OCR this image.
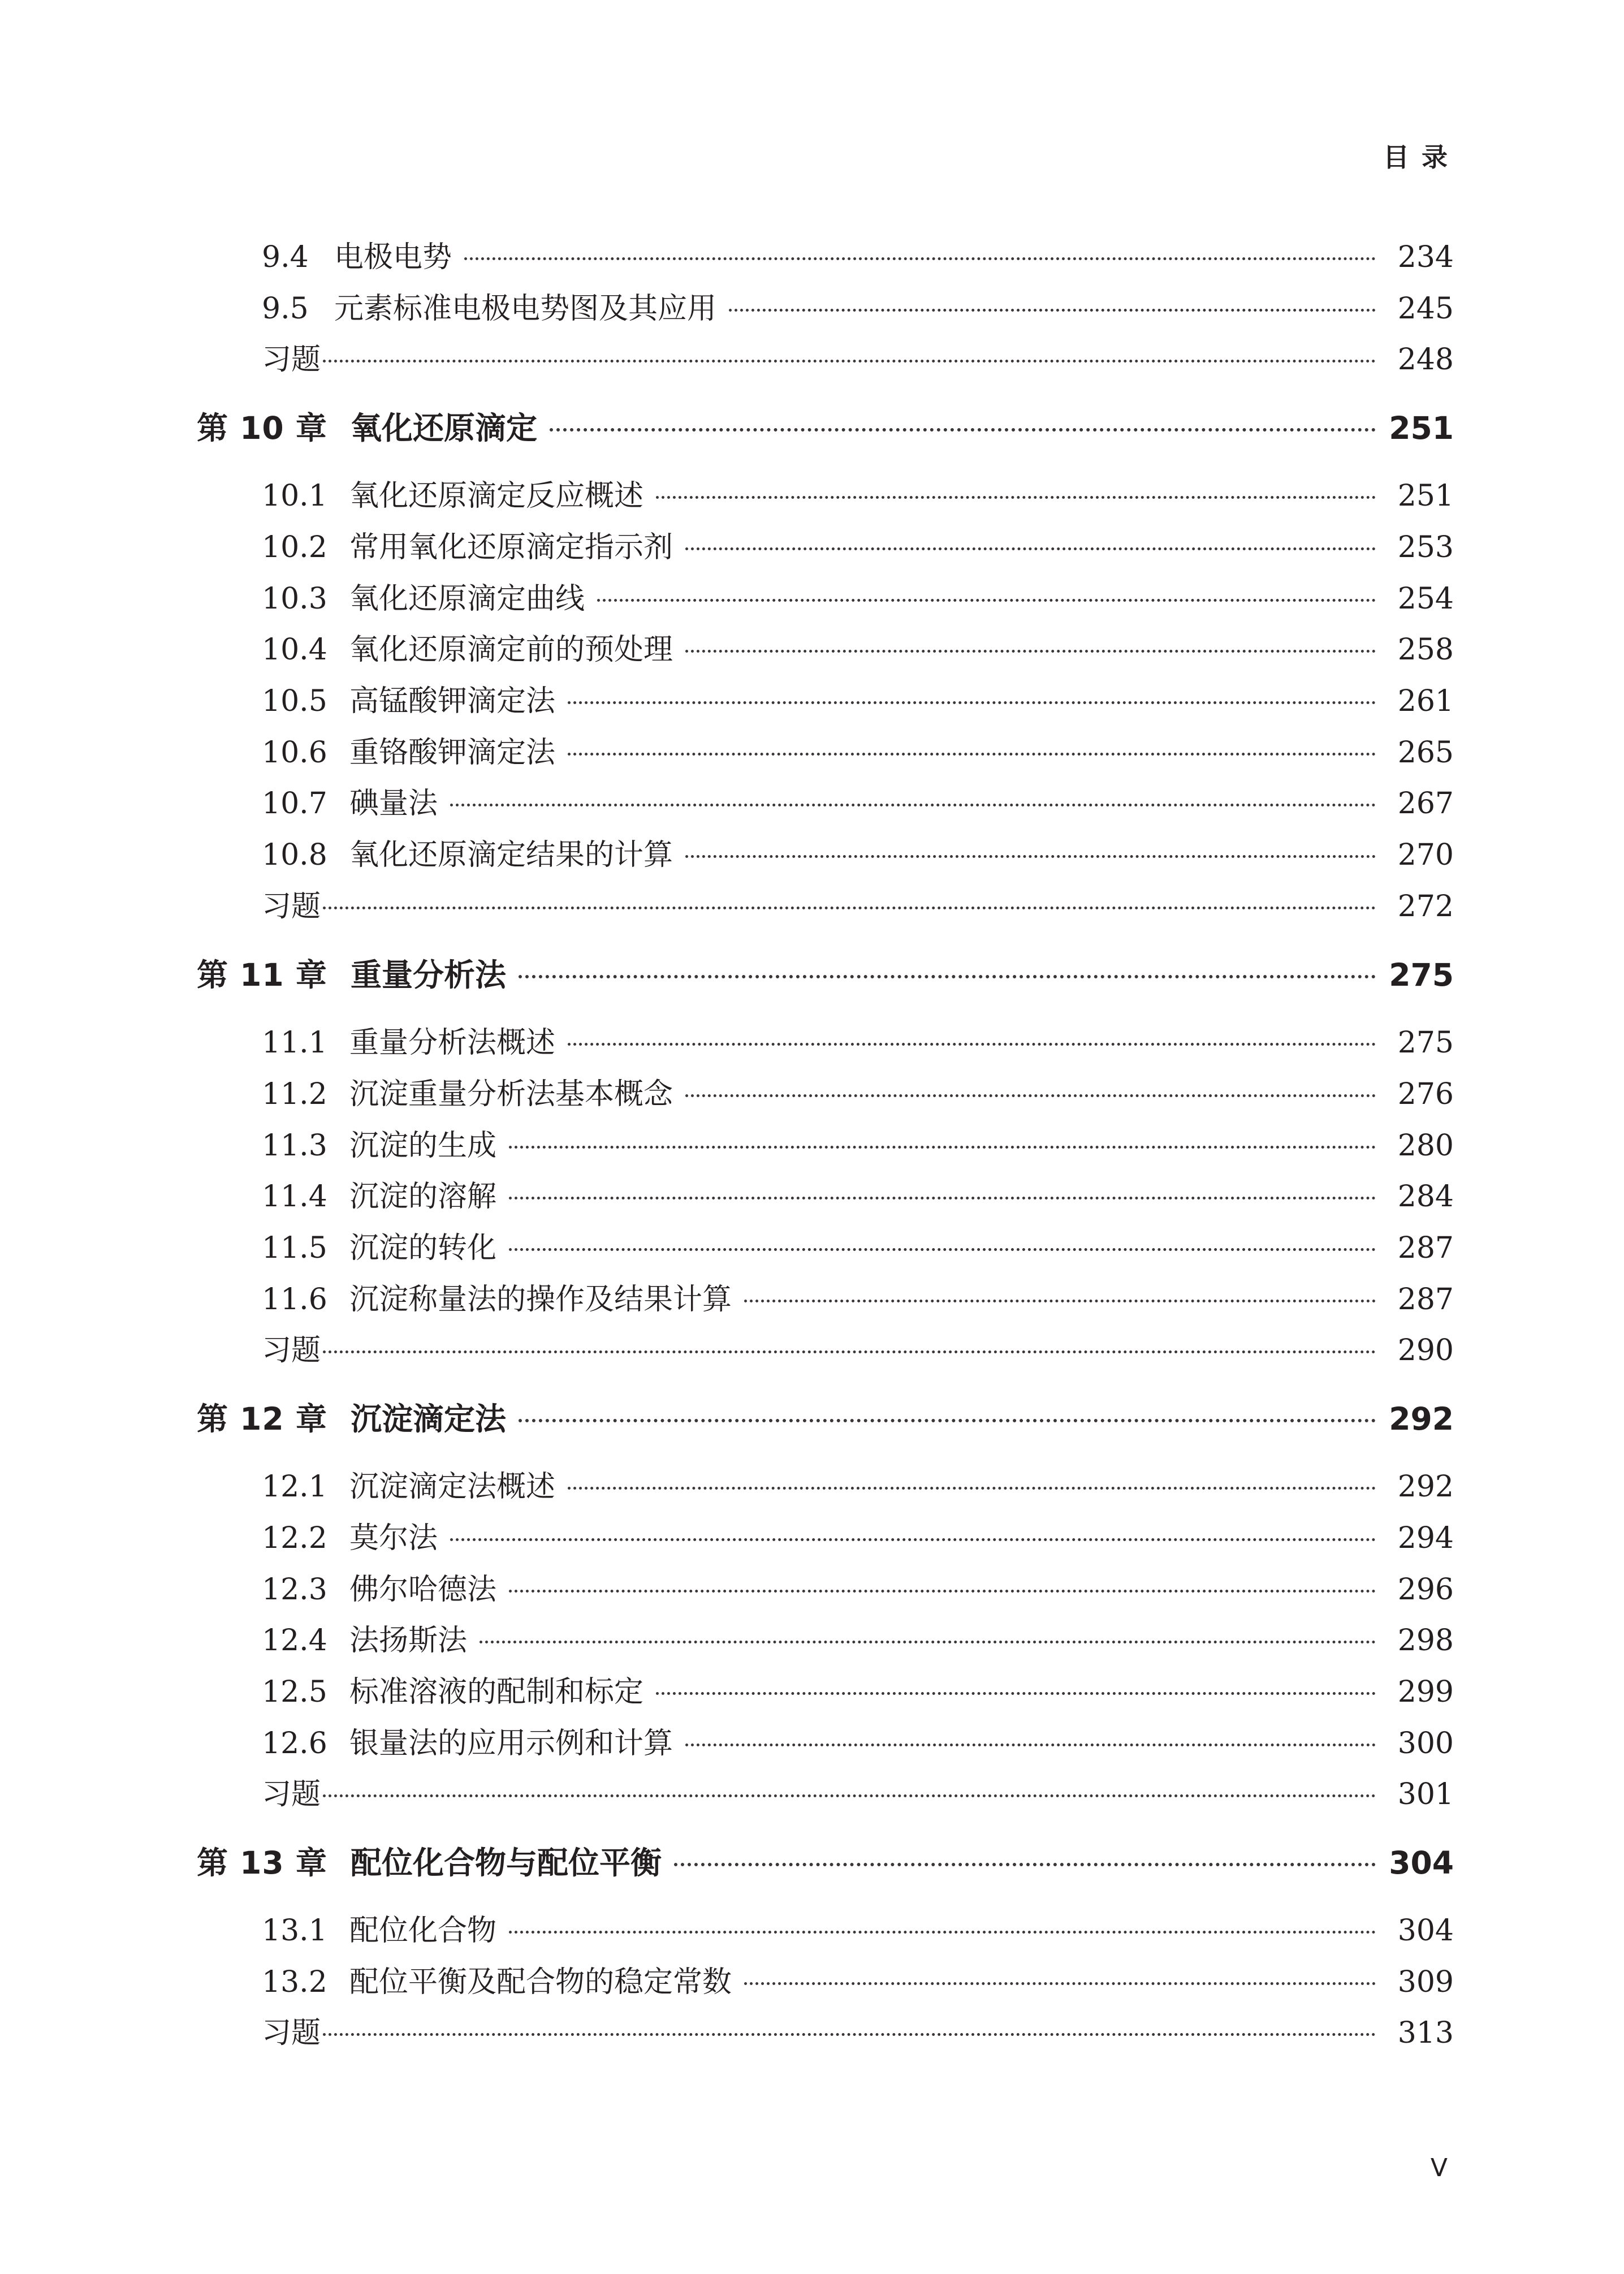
目录
9.4 电极电势	234
9.5 元素标准电极电势图及其应用	245
习题	248
第 10 章 氧化还原滴定	251
10.1 氧化还原滴定反应概述	251
10.2 常用氧化还原滴定指示剂	253
10.3 氧化还原滴定曲线	254
10.4 氧化还原滴定前的预处理	258
10.5 高锰酸钾滴定法	261
10.6 重铬酸钾滴定法	265
10.7 碘量法	267
10.8 氧化还原滴定结果的计算	270
习题	272
第 11 章 重量分析法	275
11.1 重量分析法概述	275
11.2 沉淀重量分析法基本概念	276
11.3 沉淀的生成	280
11.4 沉淀的溶解	284
11.5 沉淀的转化	287
11.6 沉淀称量法的操作及结果计算	287
习题	290
第 12 章 沉淀滴定法	292
12.1 沉淀滴定法概述	292
12.2 莫尔法	294
12.3 佛尔哈德法	296
12.4 法扬斯法	298
12.5 标准溶液的配制和标定	299
12.6 银量法的应用示例和计算	300
习题	301
第 13 章 配位化合物与配位平衡	304
13.1 配位化合物	304
13.2 配位平衡及配合物的稳定常数	309
习题	313
V
